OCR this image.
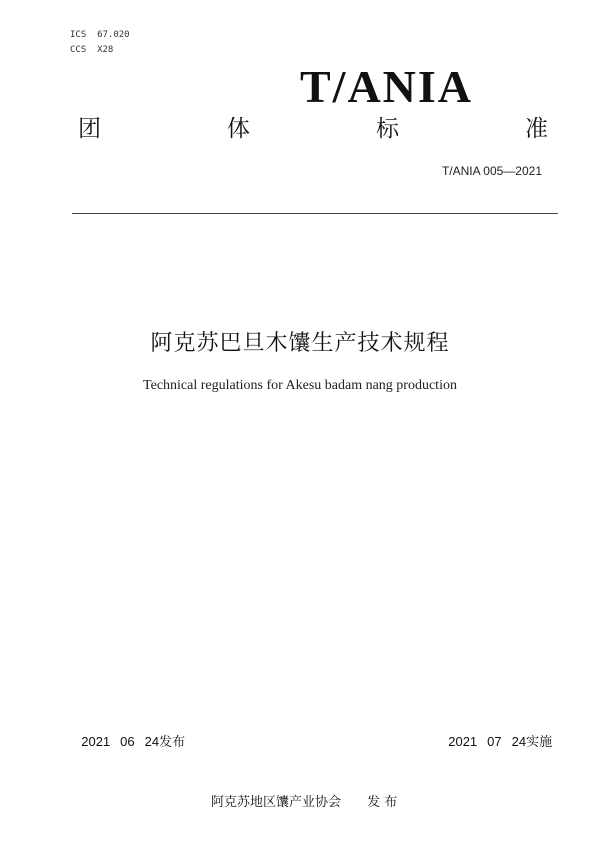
ICS  67.020
CCS  X28
T/ANIA
团	体	标	准
T/ANIA 005—2021
阿克苏巴旦木馕生产技术规程
Technical regulations for Akesu badam nang production

2021 06 24发布	2021 07 24实施

阿克苏地区馕产业协会 发 布
